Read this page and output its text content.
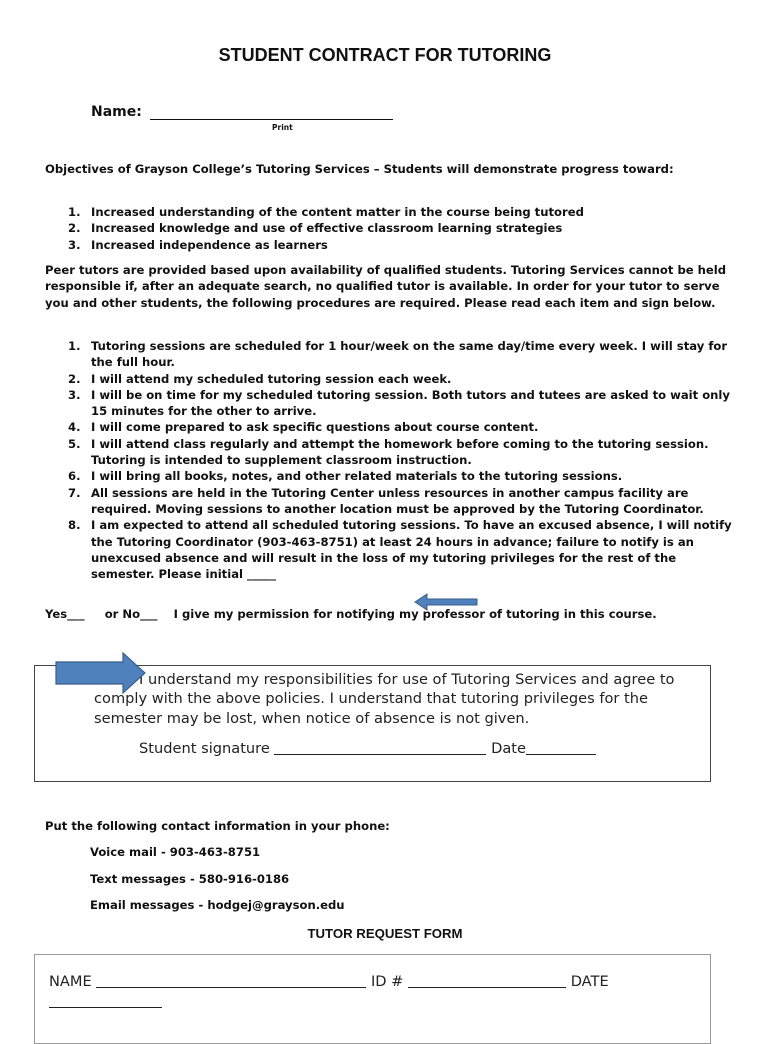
STUDENT CONTRACT FOR TUTORING
Name:
Print
Objectives of Grayson College’s Tutoring Services – Students will demonstrate progress toward:
1. Increased understanding of the content matter in the course being tutored
2. Increased knowledge and use of effective classroom learning strategies
3. Increased independence as learners
Peer tutors are provided based upon availability of qualified students. Tutoring Services cannot be held responsible if, after an adequate search, no qualified tutor is available. In order for your tutor to serve you and other students, the following procedures are required. Please read each item and sign below.
1. Tutoring sessions are scheduled for 1 hour/week on the same day/time every week. I will stay for the full hour.
2. I will attend my scheduled tutoring session each week.
3. I will be on time for my scheduled tutoring session. Both tutors and tutees are asked to wait only 15 minutes for the other to arrive.
4. I will come prepared to ask specific questions about course content.
5. I will attend class regularly and attempt the homework before coming to the tutoring session. Tutoring is intended to supplement classroom instruction.
6. I will bring all books, notes, and other related materials to the tutoring sessions.
7. All sessions are held in the Tutoring Center unless resources in another campus facility are required. Moving sessions to another location must be approved by the Tutoring Coordinator.
8. I am expected to attend all scheduled tutoring sessions. To have an excused absence, I will notify the Tutoring Coordinator (903-463-8751) at least 24 hours in advance; failure to notify is an unexcused absence and will result in the loss of my tutoring privileges for the rest of the semester. Please initial _____
Yes___ or No___ I give my permission for notifying my professor of tutoring in this course.
I understand my responsibilities for use of Tutoring Services and agree to comply with the above policies. I understand that tutoring privileges for the semester may be lost, when notice of absence is not given.
Student signature	Date
Put the following contact information in your phone:
Voice mail - 903-463-8751
Text messages - 580-916-0186
Email messages - hodgej@grayson.edu
TUTOR REQUEST FORM
NAME	ID #	DATE
